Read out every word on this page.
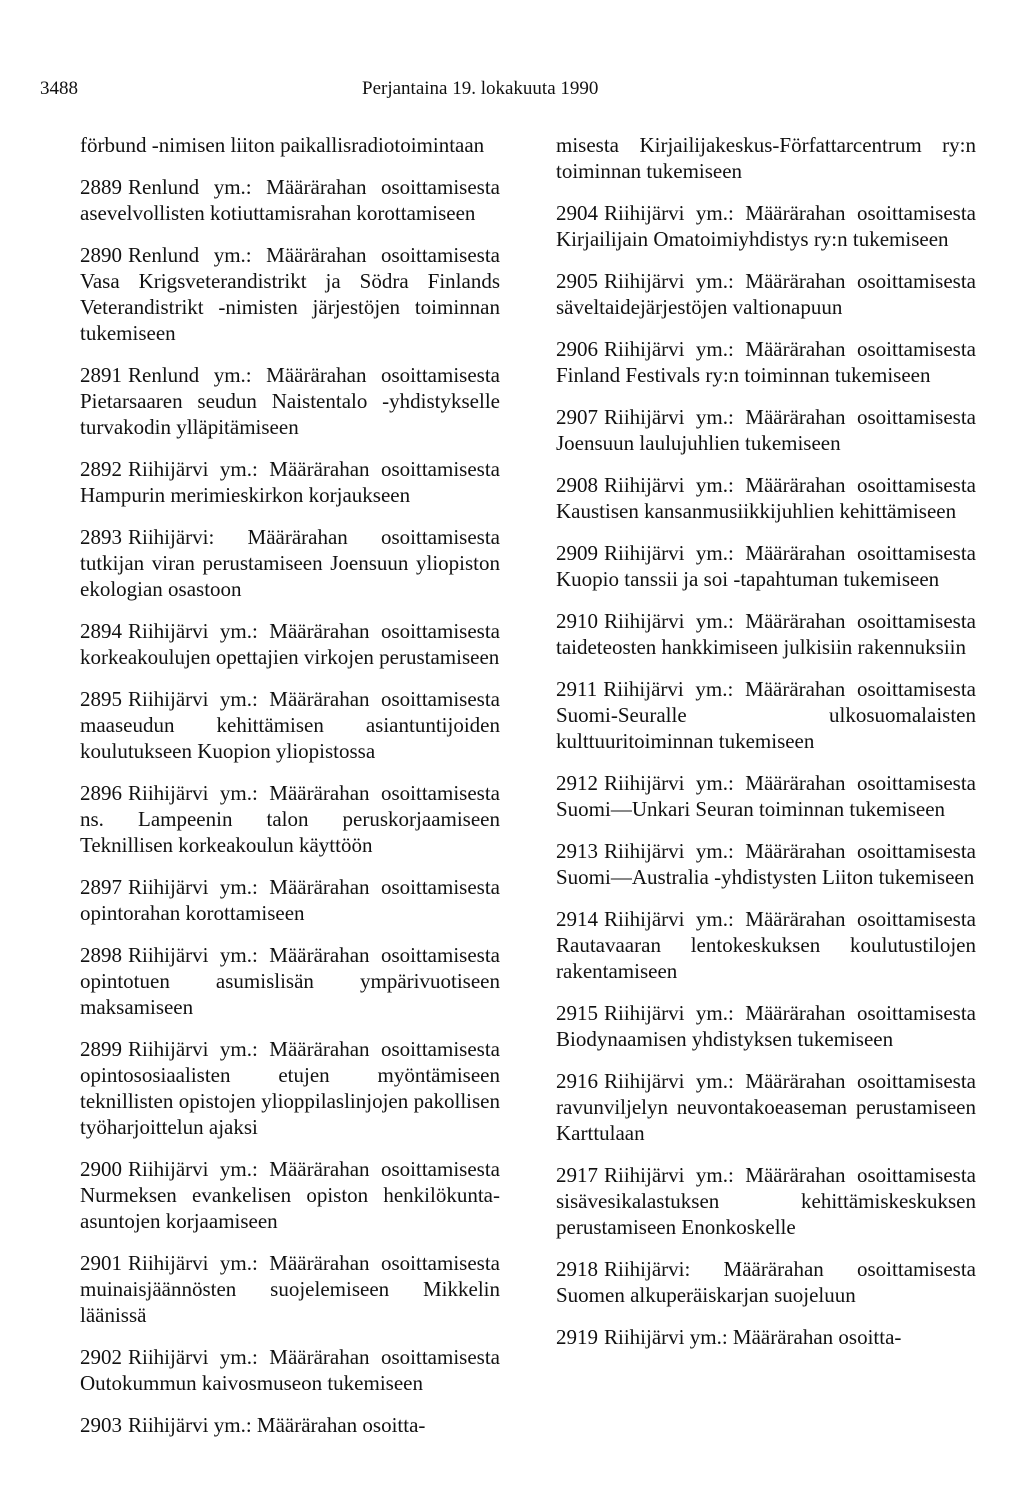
3488	Perjantaina 19. lokakuuta 1990

förbund -nimisen liiton paikallisradiotoimintaan

2889 Renlund ym.: Määrärahan osoittamisesta asevelvollisten kotiuttamisrahan korottamiseen

2890 Renlund ym.: Määrärahan osoittamisesta Vasa Krigsveterandistrikt ja Södra Finlands Veterandistrikt -nimisten järjestöjen toiminnan tukemiseen

2891 Renlund ym.: Määrärahan osoittamisesta Pietarsaaren seudun Naistentalo -yhdistykselle turvakodin ylläpitämiseen

2892 Riihijärvi ym.: Määrärahan osoittamisesta Hampurin merimieskirkon korjaukseen

2893 Riihijärvi: Määrärahan osoittamisesta tutkijan viran perustamiseen Joensuun yliopiston ekologian osastoon

2894 Riihijärvi ym.: Määrärahan osoittamisesta korkeakoulujen opettajien virkojen perustamiseen

2895 Riihijärvi ym.: Määrärahan osoittamisesta maaseudun kehittämisen asiantuntijoiden koulutukseen Kuopion yliopistossa

2896 Riihijärvi ym.: Määrärahan osoittamisesta ns. Lampeenin talon peruskorjaamiseen Teknillisen korkeakoulun käyttöön

2897 Riihijärvi ym.: Määrärahan osoittamisesta opintorahan korottamiseen

2898 Riihijärvi ym.: Määrärahan osoittamisesta opintotuen asumislisän ympärivuotiseen maksamiseen

2899 Riihijärvi ym.: Määrärahan osoittamisesta opintososiaalisten etujen myöntämiseen teknillisten opistojen ylioppilaslinjojen pakollisen työharjoittelun ajaksi

2900 Riihijärvi ym.: Määrärahan osoittamisesta Nurmeksen evankelisen opiston henkilökunta-asuntojen korjaamiseen

2901 Riihijärvi ym.: Määrärahan osoittamisesta muinaisjäännösten suojelemiseen Mikkelin läänissä

2902 Riihijärvi ym.: Määrärahan osoittamisesta Outokummun kaivosmuseon tukemiseen

2903 Riihijärvi ym.: Määrärahan osoitta-

misesta Kirjailijakeskus-Författarcentrum ry:n toiminnan tukemiseen

2904 Riihijärvi ym.: Määrärahan osoittamisesta Kirjailijain Omatoimiyhdistys ry:n tukemiseen

2905 Riihijärvi ym.: Määrärahan osoittamisesta säveltaidejärjestöjen valtionapuun

2906 Riihijärvi ym.: Määrärahan osoittamisesta Finland Festivals ry:n toiminnan tukemiseen

2907 Riihijärvi ym.: Määrärahan osoittamisesta Joensuun laulujuhlien tukemiseen

2908 Riihijärvi ym.: Määrärahan osoittamisesta Kaustisen kansanmusiikkijuhlien kehittämiseen

2909 Riihijärvi ym.: Määrärahan osoittamisesta Kuopio tanssii ja soi -tapahtuman tukemiseen

2910 Riihijärvi ym.: Määrärahan osoittamisesta taideteosten hankkimiseen julkisiin rakennuksiin

2911 Riihijärvi ym.: Määrärahan osoittamisesta Suomi-Seuralle ulkosuomalaisten kulttuuritoiminnan tukemiseen

2912 Riihijärvi ym.: Määrärahan osoittamisesta Suomi—Unkari Seuran toiminnan tukemiseen

2913 Riihijärvi ym.: Määrärahan osoittamisesta Suomi—Australia -yhdistysten Liiton tukemiseen

2914 Riihijärvi ym.: Määrärahan osoittamisesta Rautavaaran lentokeskuksen koulutustilojen rakentamiseen

2915 Riihijärvi ym.: Määrärahan osoittamisesta Biodynaamisen yhdistyksen tukemiseen

2916 Riihijärvi ym.: Määrärahan osoittamisesta ravunviljelyn neuvontakoeaseman perustamiseen Karttulaan

2917 Riihijärvi ym.: Määrärahan osoittamisesta sisävesikalastuksen kehittämiskeskuksen perustamiseen Enonkoskelle

2918 Riihijärvi: Määrärahan osoittamisesta Suomen alkuperäiskarjan suojeluun

2919 Riihijärvi ym.: Määrärahan osoitta-
